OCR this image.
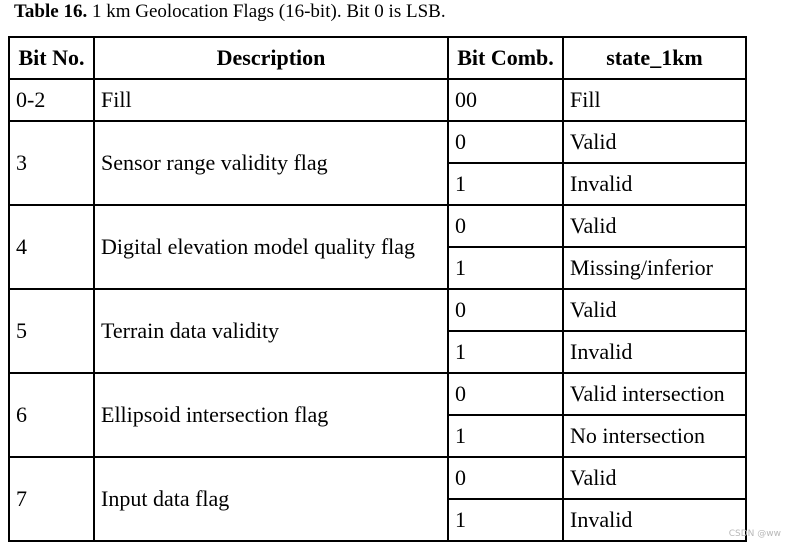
Table 16. 1 km Geolocation Flags (16-bit). Bit 0 is LSB.
Bit No.	Description	Bit Comb.	state_1km
0-2	Fill	00	Fill
3	Sensor range validity flag	0	Valid
		1	Invalid
4	Digital elevation model quality flag	0	Valid
		1	Missing/inferior
5	Terrain data validity	0	Valid
		1	Invalid
6	Ellipsoid intersection flag	0	Valid intersection
		1	No intersection
7	Input data flag	0	Valid
		1	Invalid
CSDN @ww
